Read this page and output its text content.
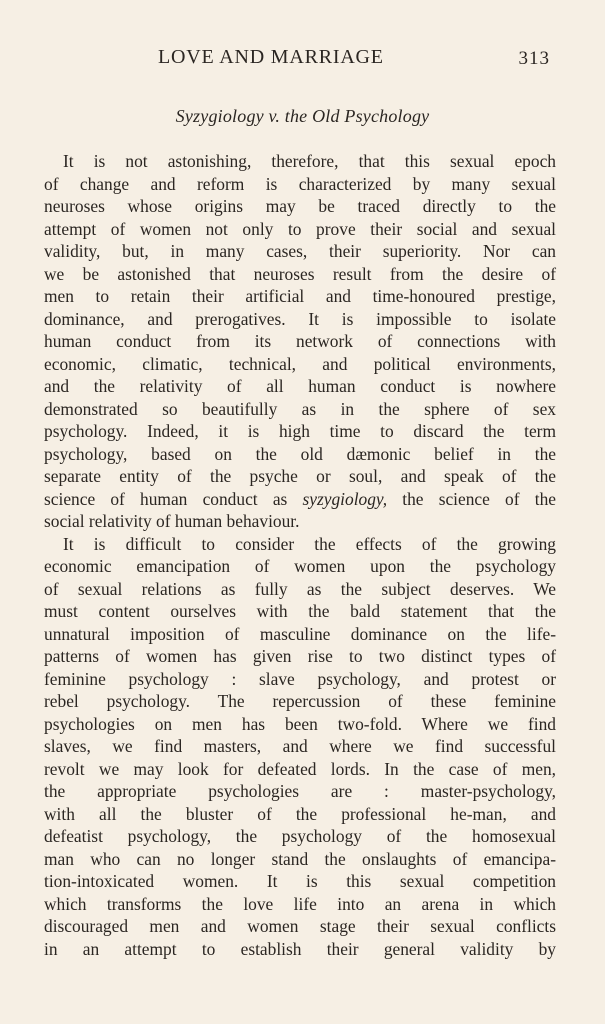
LOVE AND MARRIAGE	313
Syzygiology v. the Old Psychology
It is not astonishing, therefore, that this sexual epoch
of change and reform is characterized by many sexual
neuroses whose origins may be traced directly to the
attempt of women not only to prove their social and sexual
validity, but, in many cases, their superiority. Nor can
we be astonished that neuroses result from the desire of
men to retain their artificial and time-honoured prestige,
dominance, and prerogatives. It is impossible to isolate
human conduct from its network of connections with
economic, climatic, technical, and political environments,
and the relativity of all human conduct is nowhere
demonstrated so beautifully as in the sphere of sex
psychology. Indeed, it is high time to discard the term
psychology, based on the old dæmonic belief in the
separate entity of the psyche or soul, and speak of the
science of human conduct as syzygiology, the science of the
social relativity of human behaviour.
It is difficult to consider the effects of the growing
economic emancipation of women upon the psychology
of sexual relations as fully as the subject deserves. We
must content ourselves with the bald statement that the
unnatural imposition of masculine dominance on the life-
patterns of women has given rise to two distinct types of
feminine psychology : slave psychology, and protest or
rebel psychology. The repercussion of these feminine
psychologies on men has been two-fold. Where we find
slaves, we find masters, and where we find successful
revolt we may look for defeated lords. In the case of men,
the appropriate psychologies are : master-psychology,
with all the bluster of the professional he-man, and
defeatist psychology, the psychology of the homosexual
man who can no longer stand the onslaughts of emancipa-
tion-intoxicated women. It is this sexual competition
which transforms the love life into an arena in which
discouraged men and women stage their sexual conflicts
in an attempt to establish their general validity by
